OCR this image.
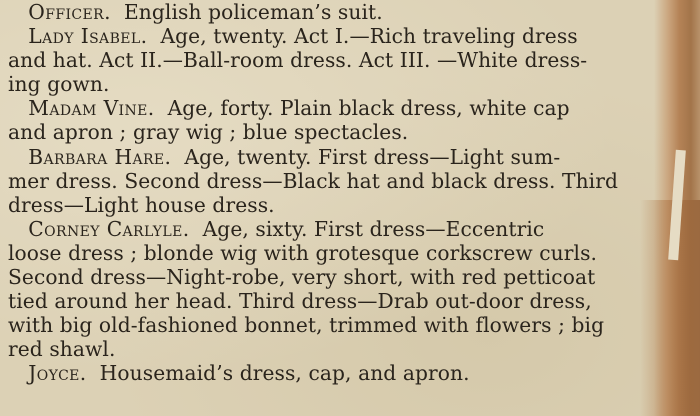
 Officer. English policeman’s suit.
 Lady Isabel. Age, twenty. Act I.—Rich traveling dress
and hat. Act II.—Ball-room dress. Act III. —White dress-
ing gown.
 Madam Vine. Age, forty. Plain black dress, white cap
and apron ; gray wig ; blue spectacles.
 Barbara Hare. Age, twenty. First dress—Light sum-
mer dress. Second dress—Black hat and black dress. Third
dress—Light house dress.
 Corney Carlyle. Age, sixty. First dress—Eccentric
loose dress ; blonde wig with grotesque corkscrew curls.
Second dress—Night-robe, very short, with red petticoat
tied around her head. Third dress—Drab out-door dress,
with big old-fashioned bonnet, trimmed with flowers ; big
red shawl.
 Joyce. Housemaid’s dress, cap, and apron.
